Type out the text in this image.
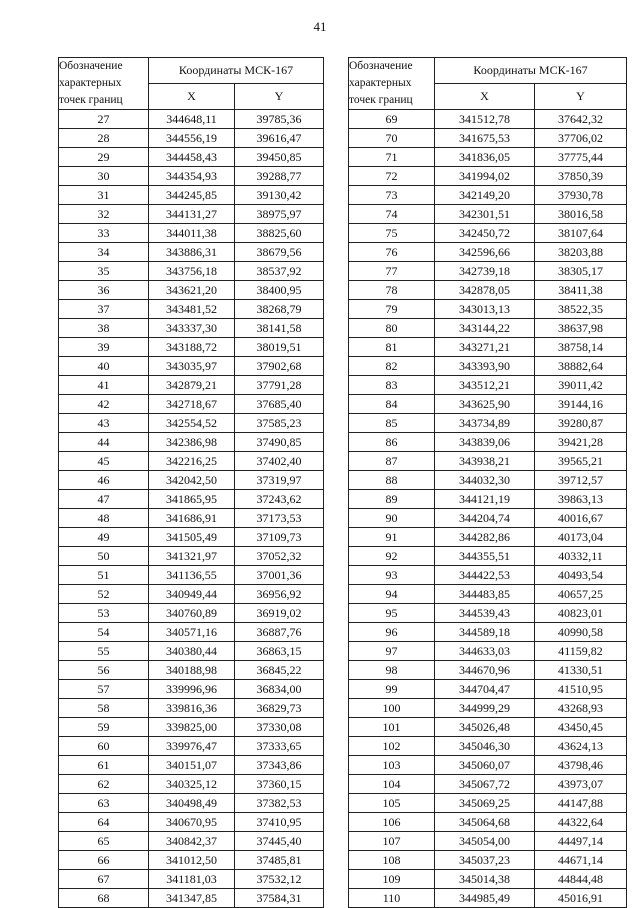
41
Обозначение
характерных
точек границ	Координаты МСК-167	
	X	Y
27	344648,11	39785,36
28	344556,19	39616,47
29	344458,43	39450,85
30	344354,93	39288,77
31	344245,85	39130,42
32	344131,27	38975,97
33	344011,38	38825,60
34	343886,31	38679,56
35	343756,18	38537,92
36	343621,20	38400,95
37	343481,52	38268,79
38	343337,30	38141,58
39	343188,72	38019,51
40	343035,97	37902,68
41	342879,21	37791,28
42	342718,67	37685,40
43	342554,52	37585,23
44	342386,98	37490,85
45	342216,25	37402,40
46	342042,50	37319,97
47	341865,95	37243,62
48	341686,91	37173,53
49	341505,49	37109,73
50	341321,97	37052,32
51	341136,55	37001,36
52	340949,44	36956,92
53	340760,89	36919,02
54	340571,16	36887,76
55	340380,44	36863,15
56	340188,98	36845,22
57	339996,96	36834,00
58	339816,36	36829,73
59	339825,00	37330,08
60	339976,47	37333,65
61	340151,07	37343,86
62	340325,12	37360,15
63	340498,49	37382,53
64	340670,95	37410,95
65	340842,37	37445,40
66	341012,50	37485,81
67	341181,03	37532,12
68	341347,85	37584,31
Обозначение
характерных
точек границ	Координаты МСК-167	
	X	Y
69	341512,78	37642,32
70	341675,53	37706,02
71	341836,05	37775,44
72	341994,02	37850,39
73	342149,20	37930,78
74	342301,51	38016,58
75	342450,72	38107,64
76	342596,66	38203,88
77	342739,18	38305,17
78	342878,05	38411,38
79	343013,13	38522,35
80	343144,22	38637,98
81	343271,21	38758,14
82	343393,90	38882,64
83	343512,21	39011,42
84	343625,90	39144,16
85	343734,89	39280,87
86	343839,06	39421,28
87	343938,21	39565,21
88	344032,30	39712,57
89	344121,19	39863,13
90	344204,74	40016,67
91	344282,86	40173,04
92	344355,51	40332,11
93	344422,53	40493,54
94	344483,85	40657,25
95	344539,43	40823,01
96	344589,18	40990,58
97	344633,03	41159,82
98	344670,96	41330,51
99	344704,47	41510,95
100	344999,29	43268,93
101	345026,48	43450,45
102	345046,30	43624,13
103	345060,07	43798,46
104	345067,72	43973,07
105	345069,25	44147,88
106	345064,68	44322,64
107	345054,00	44497,14
108	345037,23	44671,14
109	345014,38	44844,48
110	344985,49	45016,91
